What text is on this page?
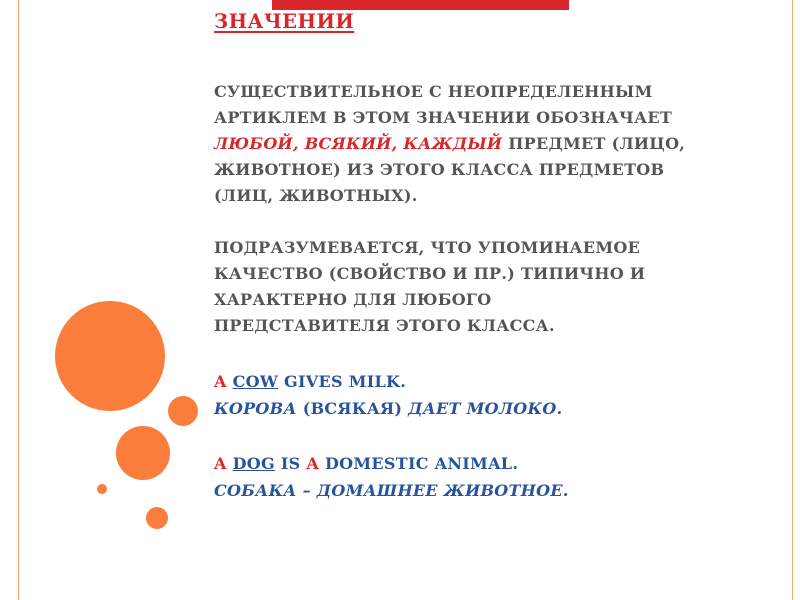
ЗНАЧЕНИИ
СУЩЕСТВИТЕЛЬНОЕ С НЕОПРЕДЕЛЕННЫМ
АРТИКЛЕМ В ЭТОМ ЗНАЧЕНИИ ОБОЗНАЧАЕТ
ЛЮБОЙ, ВСЯКИЙ, КАЖДЫЙ ПРЕДМЕТ (ЛИЦО,
ЖИВОТНОЕ) ИЗ ЭТОГО КЛАССА ПРЕДМЕТОВ
(ЛИЦ, ЖИВОТНЫХ).
ПОДРАЗУМЕВАЕТСЯ, ЧТО УПОМИНАЕМОЕ
КАЧЕСТВО (СВОЙСТВО И ПР.) ТИПИЧНО И
ХАРАКТЕРНО ДЛЯ ЛЮБОГО
ПРЕДСТАВИТЕЛЯ ЭТОГО КЛАССА.
A COW GIVES MILK.
КОРОВА (ВСЯКАЯ) ДАЕТ МОЛОКО.
A DOG IS A DOMESTIC ANIMAL.
СОБАКА – ДОМАШНЕЕ ЖИВОТНОЕ.
